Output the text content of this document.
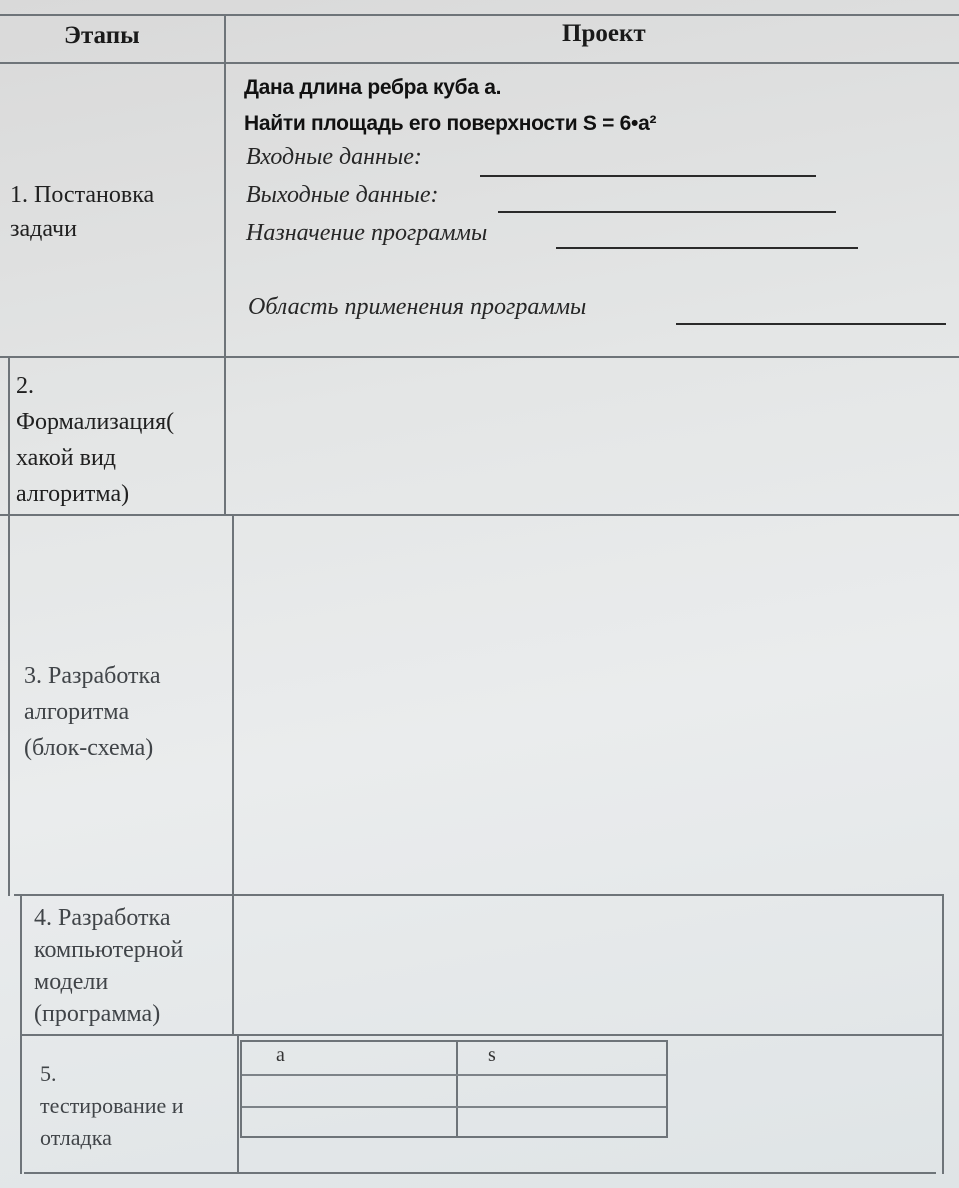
Этапы	Проект
1. Постановка
задачи
Дана длина ребра куба а.
Найти площадь его поверхности S = 6•a²
Входные данные:
Выходные данные:
Назначение программы
Область применения программы
2.
Формализация(
хакой вид
алгоритма)
3. Разработка
алгоритма
(блок-схема)
4. Разработка
компьютерной
модели
(программа)
5.
тестирование и
отладка
a	s
